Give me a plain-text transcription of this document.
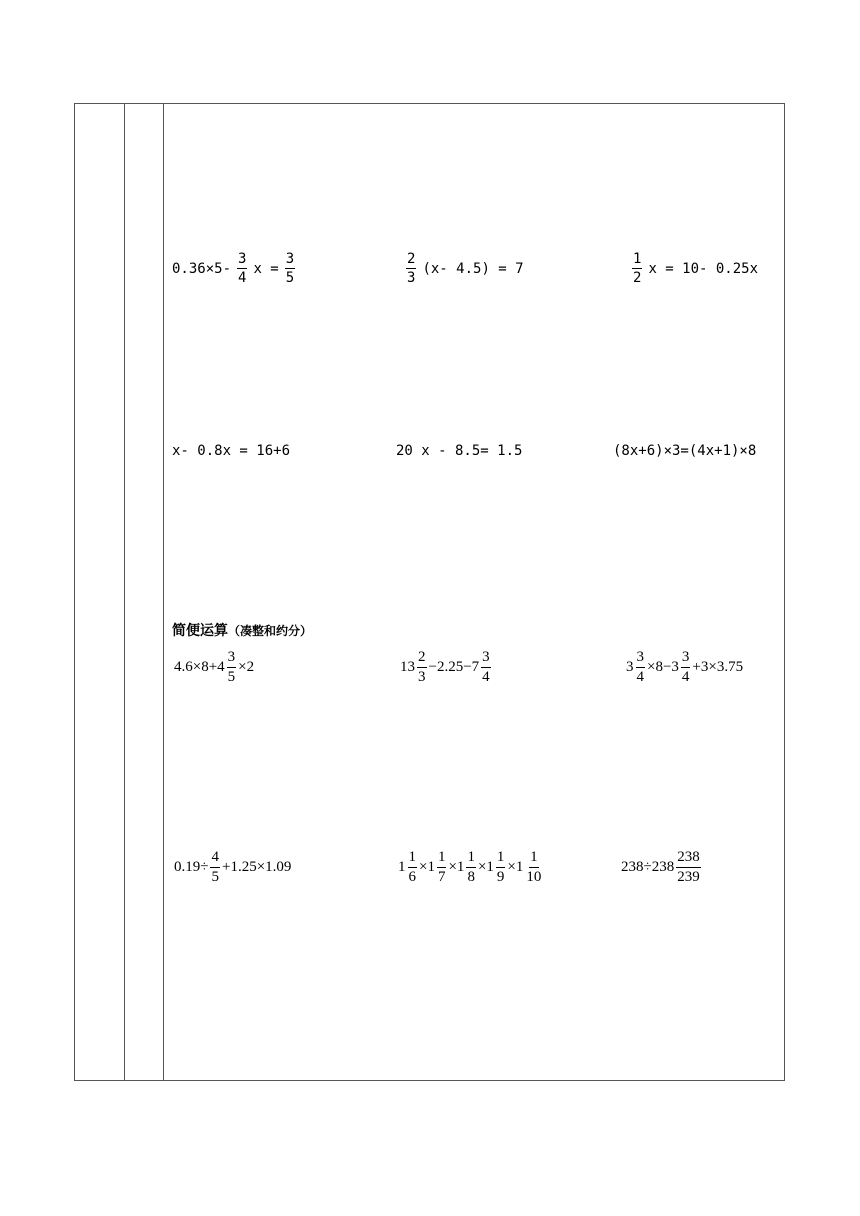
$0.36\times 5- \frac{3}{4}$ $x = \frac{3}{5}$	$\frac{2}{3} (x-$ 4.5) = 7	$\frac{1}{2}$ x = 10- 0.25x
x- 0.8x = 16+6	20 x - 8.5= 1.5	(8x+6)×3=(4x+1)×8
简便运算（凑整和约分）
$4.6\times 8+4 \frac{3}{5} \times 2$	$13 \frac{2}{3} -2.25-7 \frac{3}{4}$	$3 \frac{3}{4} \times 8-3 \frac{3}{4} +3\times 3.75$
$0.19\div \frac{4}{5} +1.25\times 1.09$	$1 \frac{1}{6} \times 1 \frac{1}{7} \times 1 \frac{1}{8} \times 1 \frac{1}{9} \times 1 \frac{1}{10}$	$238\div 238 \frac{238}{239}$
